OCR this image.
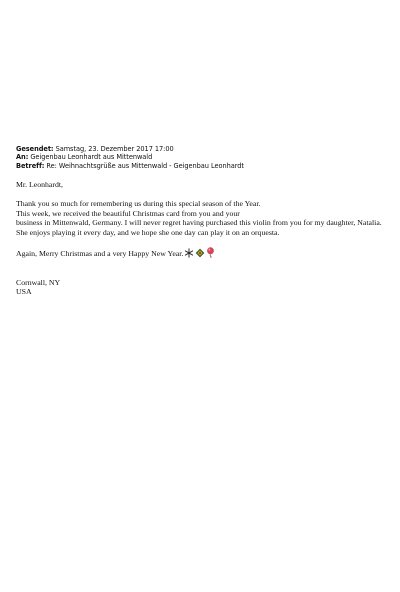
Gesendet: Samstag, 23. Dezember 2017 17:00
An: Geigenbau Leonhardt aus Mittenwald
Betreff: Re: Weihnachtsgrüße aus Mittenwald - Geigenbau Leonhardt
Mr. Leonhardt,
Thank you so much for remembering us during this special season of the Year.
This week, we received the beautiful Christmas card from you and your
business in Mittenwald, Germany. I will never regret having purchased this violin from you for my daughter, Natalia.
She enjoys playing it every day, and we hope she one day can play it on an orquesta.
Again, Merry Christmas and a very Happy New Year.
Cornwall, NY
USA
